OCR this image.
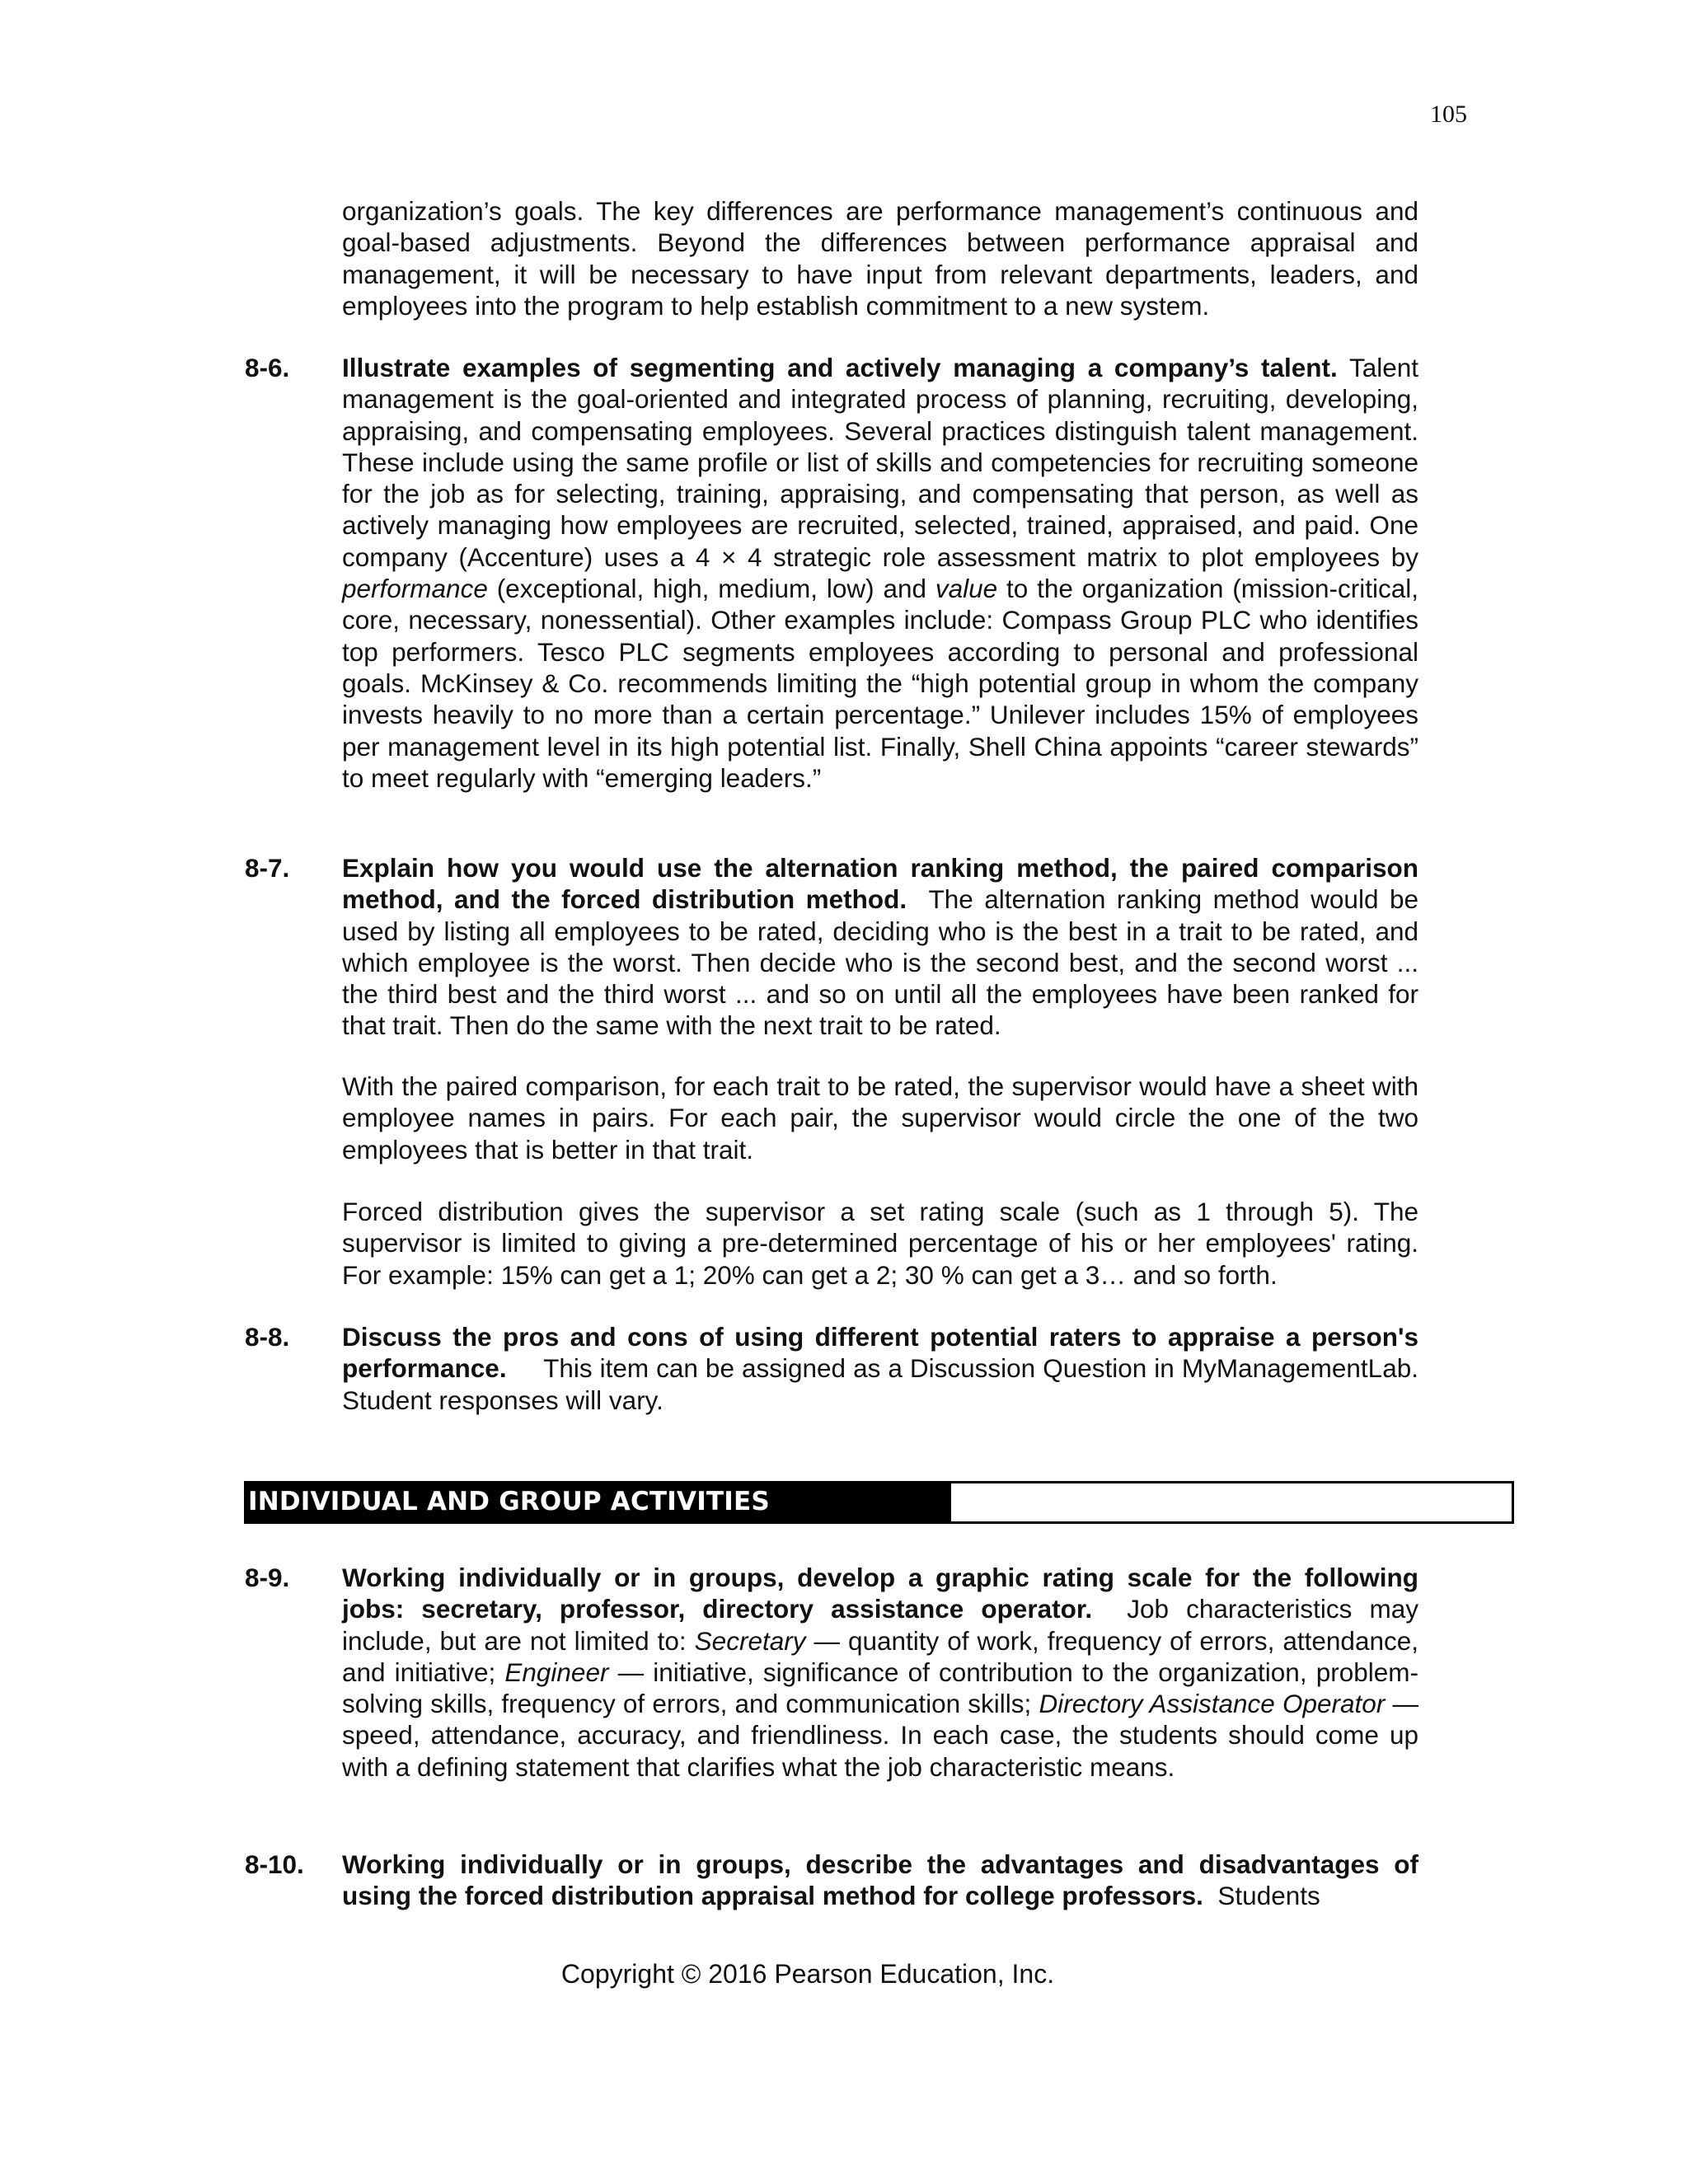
105

organization’s goals. The key differences are performance management’s continuous and goal-based adjustments. Beyond the differences between performance appraisal and management, it will be necessary to have input from relevant departments, leaders, and employees into the program to help establish commitment to a new system.

8-6. Illustrate examples of segmenting and actively managing a company’s talent. Talent management is the goal-oriented and integrated process of planning, recruiting, developing, appraising, and compensating employees. Several practices distinguish talent management. These include using the same profile or list of skills and competencies for recruiting someone for the job as for selecting, training, appraising, and compensating that person, as well as actively managing how employees are recruited, selected, trained, appraised, and paid. One company (Accenture) uses a 4 × 4 strategic role assessment matrix to plot employees by performance (exceptional, high, medium, low) and value to the organization (mission-critical, core, necessary, nonessential). Other examples include: Compass Group PLC who identifies top performers. Tesco PLC segments employees according to personal and professional goals. McKinsey & Co. recommends limiting the “high potential group in whom the company invests heavily to no more than a certain percentage.” Unilever includes 15% of employees per management level in its high potential list. Finally, Shell China appoints “career stewards” to meet regularly with “emerging leaders.”
8-7. Explain how you would use the alternation ranking method, the paired comparison method, and the forced distribution method. The alternation ranking method would be used by listing all employees to be rated, deciding who is the best in a trait to be rated, and which employee is the worst. Then decide who is the second best, and the second worst ... the third best and the third worst ... and so on until all the employees have been ranked for that trait. Then do the same with the next trait to be rated.

With the paired comparison, for each trait to be rated, the supervisor would have a sheet with employee names in pairs. For each pair, the supervisor would circle the one of the two employees that is better in that trait.

Forced distribution gives the supervisor a set rating scale (such as 1 through 5). The supervisor is limited to giving a pre-determined percentage of his or her employees' rating. For example: 15% can get a 1; 20% can get a 2; 30 % can get a 3… and so forth.

8-8. Discuss the pros and cons of using different potential raters to appraise a person's performance. This item can be assigned as a Discussion Question in MyManagementLab. Student responses will vary.
INDIVIDUAL AND GROUP ACTIVITIES
8-9. Working individually or in groups, develop a graphic rating scale for the following jobs: secretary, professor, directory assistance operator. Job characteristics may include, but are not limited to: Secretary — quantity of work, frequency of errors, attendance, and initiative; Engineer — initiative, significance of contribution to the organization, problem-solving skills, frequency of errors, and communication skills; Directory Assistance Operator — speed, attendance, accuracy, and friendliness. In each case, the students should come up with a defining statement that clarifies what the job characteristic means.
8-10. Working individually or in groups, describe the advantages and disadvantages of using the forced distribution appraisal method for college professors. Students
Copyright © 2016 Pearson Education, Inc.
